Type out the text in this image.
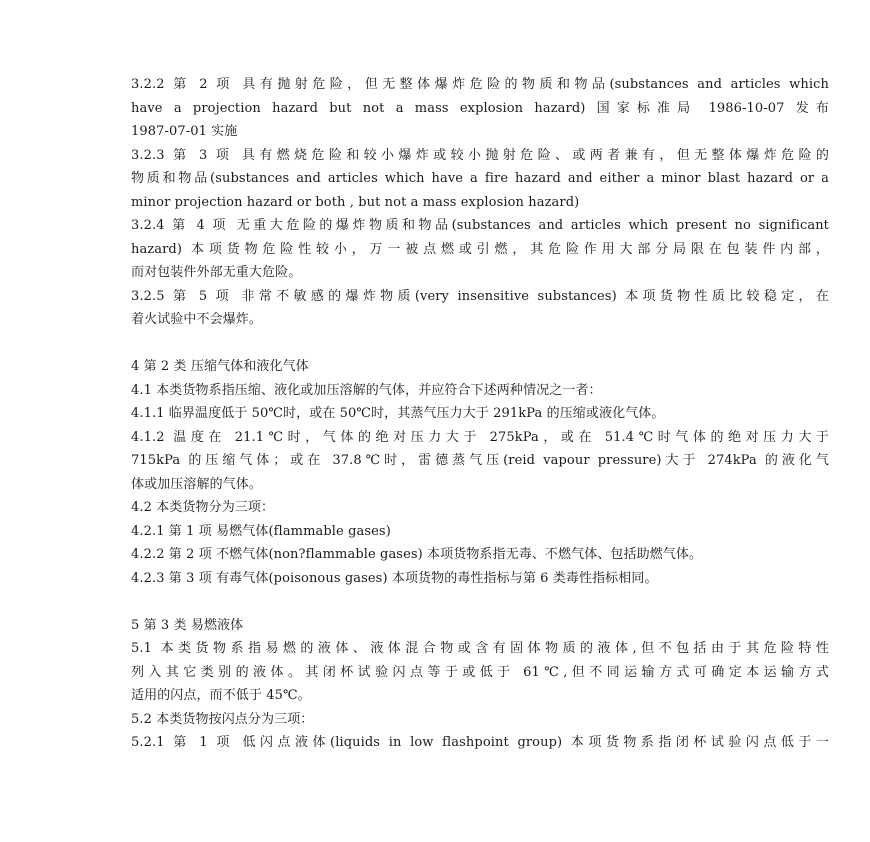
3.2.2 第 2 项 具有抛射危险，但无整体爆炸危险的物质和物品(substances and articles which
have a projection hazard but not a mass explosion hazard) 国家标准局 1986-10-07 发布
1987-07-01 实施
3.2.3 第 3 项 具有燃烧危险和较小爆炸或较小抛射危险、或两者兼有，但无整体爆炸危险的
物质和物品(substances and articles which have a fire hazard and either a minor blast hazard or a
minor projection hazard or both , but not a mass explosion hazard)
3.2.4 第 4 项 无重大危险的爆炸物质和物品(substances and articles which present no significant
hazard) 本项货物危险性较小，万一被点燃或引燃，其危险作用大部分局限在包装件内部，
而对包装件外部无重大危险。
3.2.5 第 5 项 非常不敏感的爆炸物质(very insensitive substances) 本项货物性质比较稳定，在
着火试验中不会爆炸。
4 第 2 类 压缩气体和液化气体
4.1 本类货物系指压缩、液化或加压溶解的气体，并应符合下述两种情况之一者：
4.1.1 临界温度低于 50℃时，或在 50℃时，其蒸气压力大于 291kPa 的压缩或液化气体。
4.1.2 温度在 21.1℃时，气体的绝对压力大于 275kPa，或在 51.4℃时气体的绝对压力大于
715kPa 的压缩气体；或在 37.8℃时，雷德蒸气压(reid vapour pressure)大于 274kPa 的液化气
体或加压溶解的气体。
4.2 本类货物分为三项：
4.2.1 第 1 项 易燃气体(flammable gases)
4.2.2 第 2 项 不燃气体(non?flammable gases) 本项货物系指无毒、不燃气体、包括助燃气体。
4.2.3 第 3 项 有毒气体(poisonous gases) 本项货物的毒性指标与第 6 类毒性指标相同。
5 第 3 类 易燃液体
5.1 本类货物系指易燃的液体、液体混合物或含有固体物质的液体,但不包括由于其危险特性
列入其它类别的液体。其闭杯试验闪点等于或低于 61℃,但不同运输方式可确定本运输方式
适用的闪点，而不低于 45℃。
5.2 本类货物按闪点分为三项：
5.2.1 第 1 项 低闪点液体(liquids in low flashpoint group) 本项货物系指闭杯试验闪点低于一
